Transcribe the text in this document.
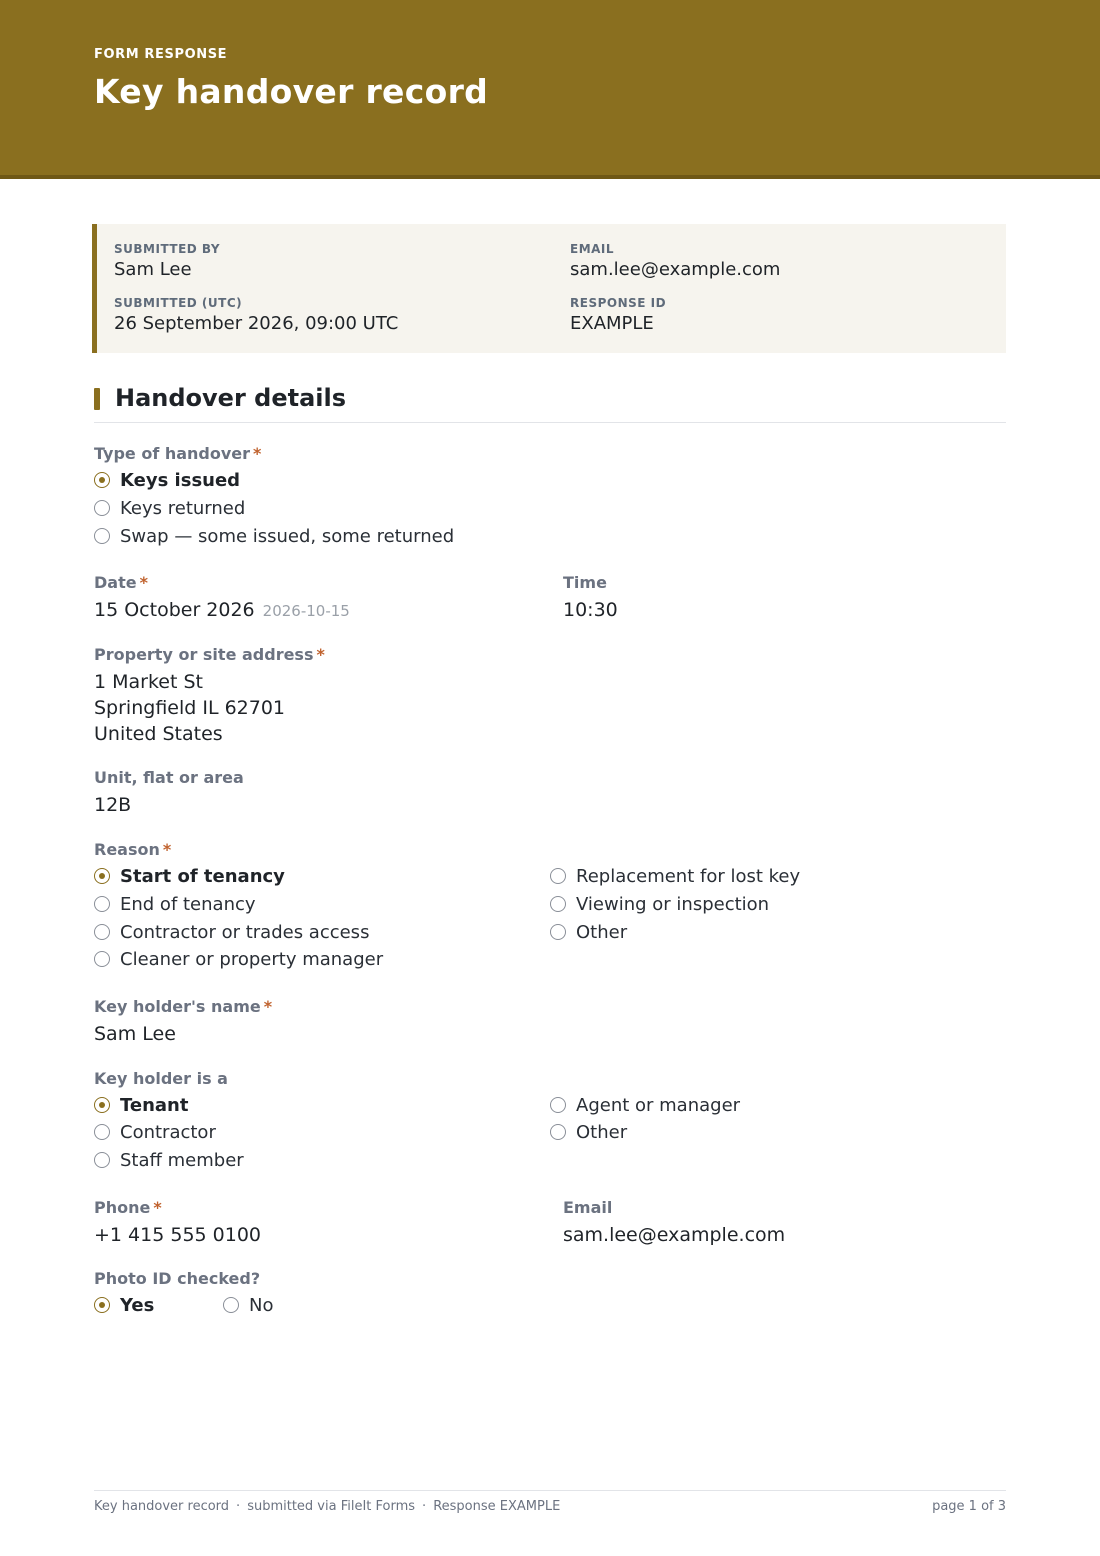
FORM RESPONSE
Key handover record
SUBMITTED BY
Sam Lee
EMAIL
sam.lee@example.com
SUBMITTED (UTC)
26 September 2026, 09:00 UTC
RESPONSE ID
EXAMPLE
Handover details
Type of handover *
Keys issued
Keys returned
Swap — some issued, some returned
Date *
15 October 2026 2026-10-15
Time
10:30
Property or site address *
1 Market St
Springfield IL 62701
United States
Unit, flat or area
12B
Reason *
Start of tenancy
End of tenancy
Contractor or trades access
Cleaner or property manager
Replacement for lost key
Viewing or inspection
Other
Key holder's name *
Sam Lee
Key holder is a
Tenant
Contractor
Staff member
Agent or manager
Other
Phone *
+1 415 555 0100
Email
sam.lee@example.com
Photo ID checked?
Yes	No
Key handover record · submitted via FileIt Forms · Response EXAMPLE	page 1 of 3
